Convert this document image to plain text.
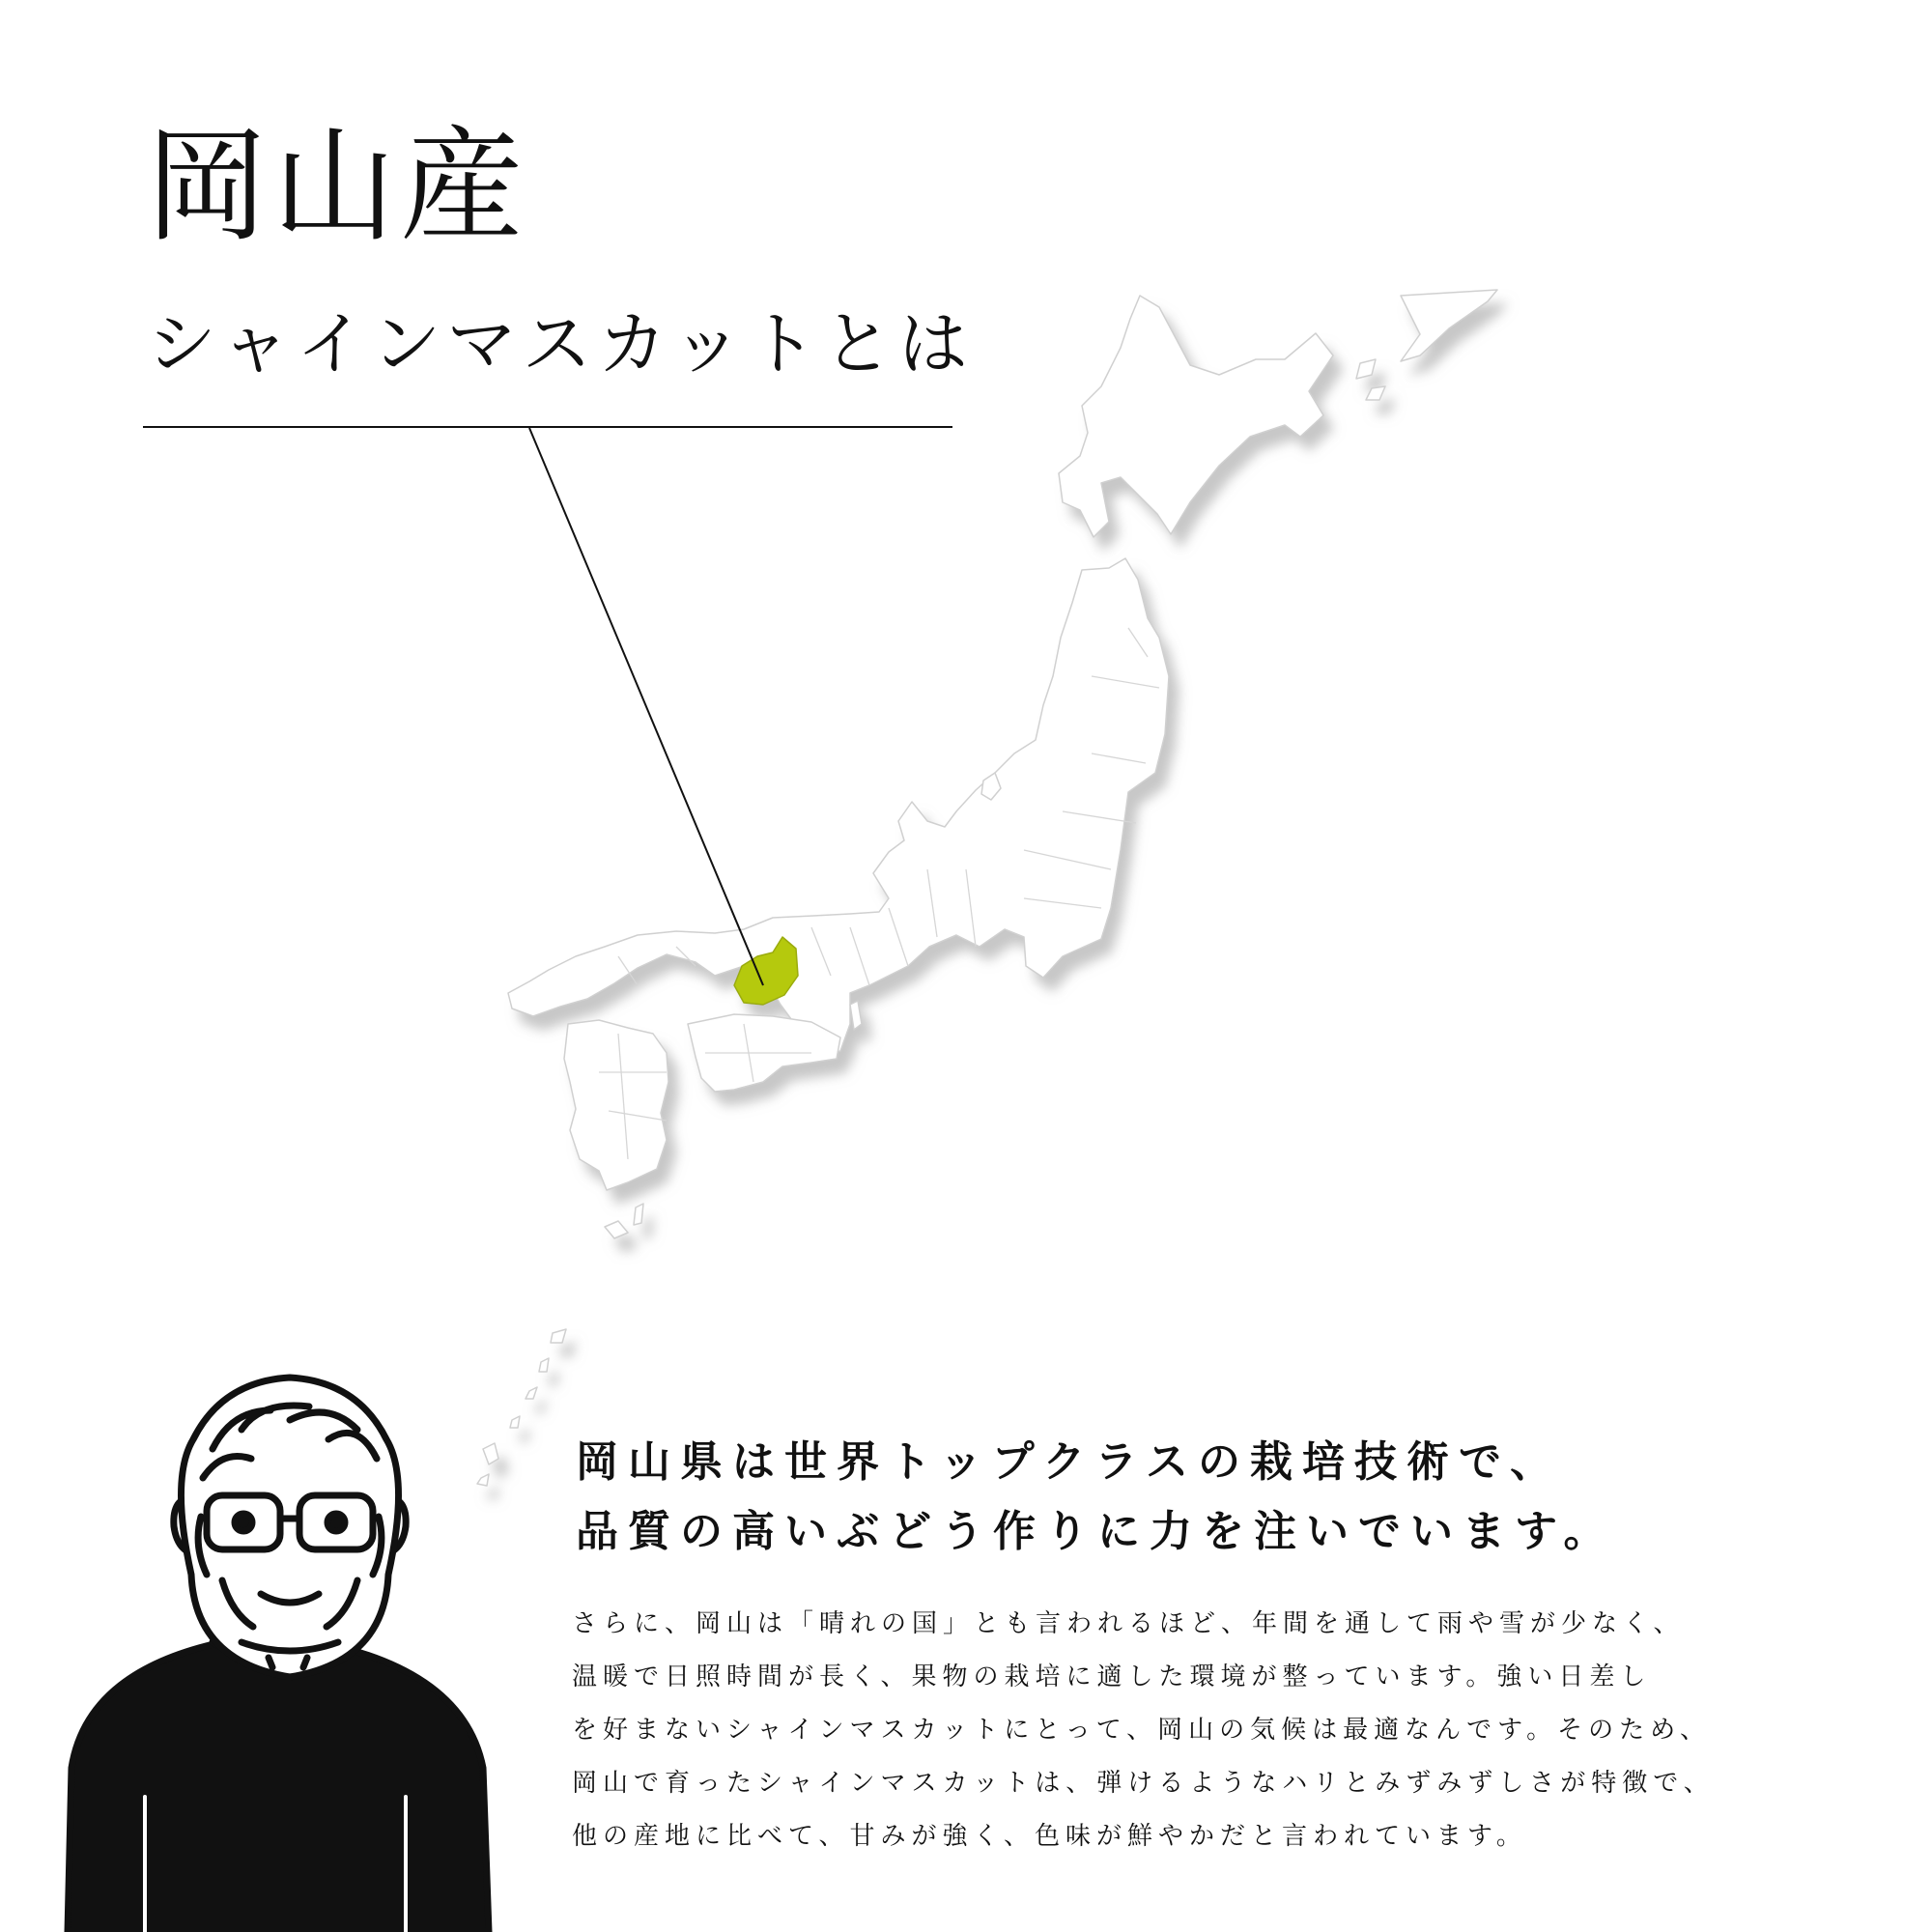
岡山産
シャインマスカットとは
岡山県は世界トップクラスの栽培技術で、
品質の高いぶどう作りに力を注いでいます。
さらに、岡山は「晴れの国」とも言われるほど、年間を通して雨や雪が少なく、
温暖で日照時間が長く、果物の栽培に適した環境が整っています。強い日差し
を好まないシャインマスカットにとって、岡山の気候は最適なんです。そのため、
岡山で育ったシャインマスカットは、弾けるようなハリとみずみずしさが特徴で、
他の産地に比べて、甘みが強く、色味が鮮やかだと言われています。
